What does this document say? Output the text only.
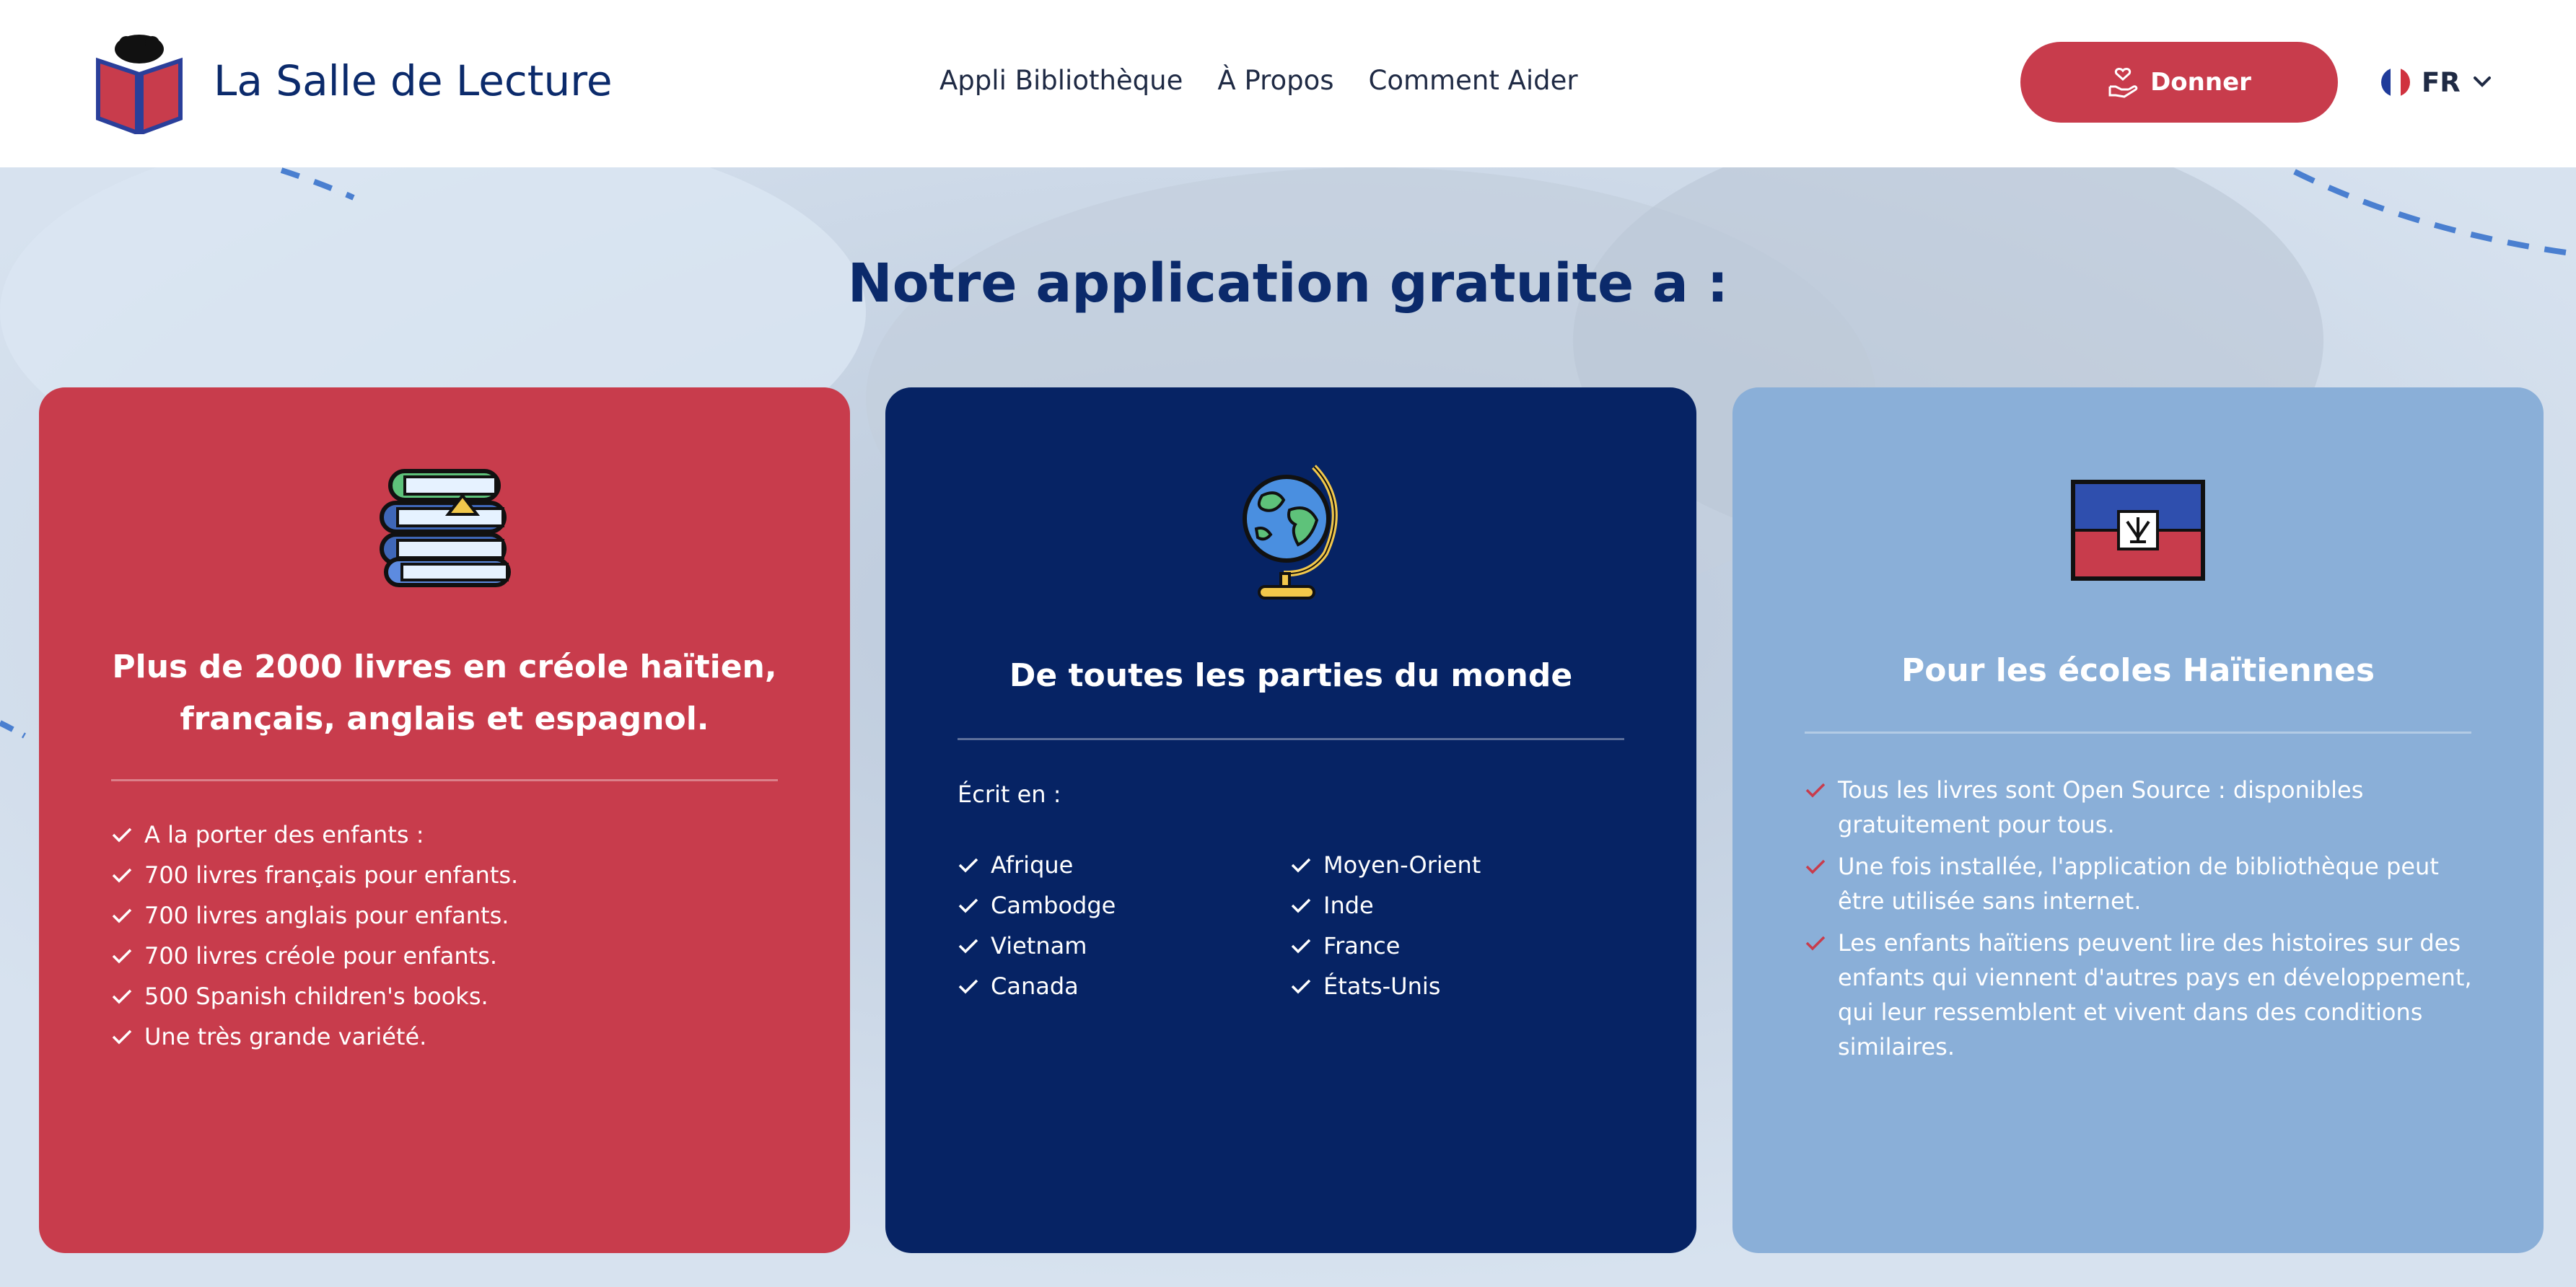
La Salle de Lecture	Appli Bibliothèque À Propos Comment Aider	Donner	FR
Notre application gratuite a :
Plus de 2000 livres en créole haïtien, français, anglais et espagnol.
A la porter des enfants :
700 livres français pour enfants.
700 livres anglais pour enfants.
700 livres créole pour enfants.
500 Spanish children's books.
Une très grande variété.
De toutes les parties du monde
Écrit en :
Afrique
Cambodge
Vietnam
Canada
Moyen-Orient
Inde
France
États-Unis
Pour les écoles Haïtiennes
Tous les livres sont Open Source : disponibles gratuitement pour tous.
Une fois installée, l'application de bibliothèque peut être utilisée sans internet.
Les enfants haïtiens peuvent lire des histoires sur des enfants qui viennent d'autres pays en développement, qui leur ressemblent et vivent dans des conditions similaires.
